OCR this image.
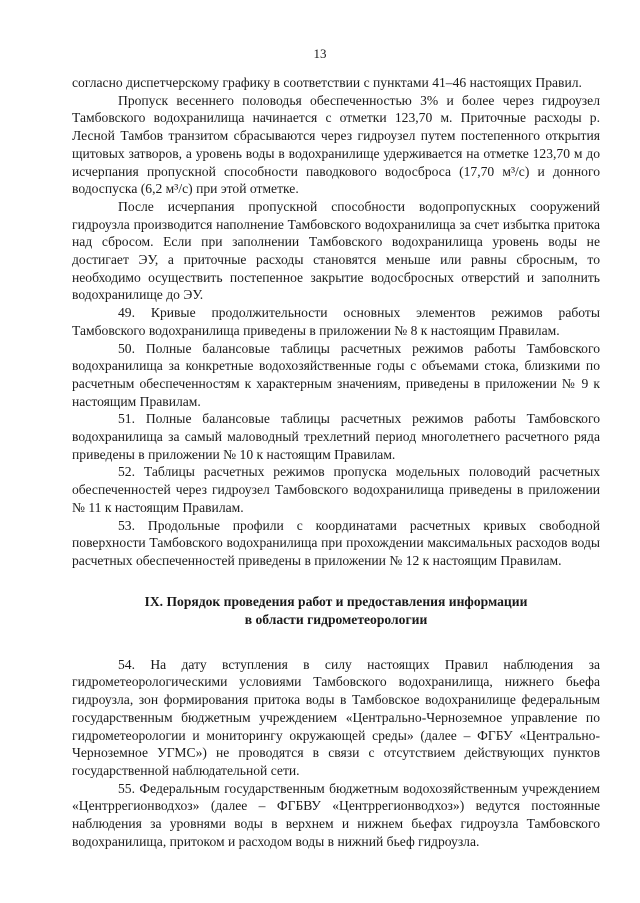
13

согласно диспетчерскому графику в соответствии с пунктами 41–46 настоящих Правил.

Пропуск весеннего половодья обеспеченностью 3% и более через гидроузел Тамбовского водохранилища начинается с отметки 123,70 м. Приточные расходы р. Лесной Тамбов транзитом сбрасываются через гидроузел путем постепенного открытия щитовых затворов, а уровень воды в водохранилище удерживается на отметке 123,70 м до исчерпания пропускной способности паводкового водосброса (17,70 м³/с) и донного водоспуска (6,2 м³/с) при этой отметке.

После исчерпания пропускной способности водопропускных сооружений гидроузла производится наполнение Тамбовского водохранилища за счет избытка притока над сбросом. Если при заполнении Тамбовского водохранилища уровень воды не достигает ЭУ, а приточные расходы становятся меньше или равны сбросным, то необходимо осуществить постепенное закрытие водосбросных отверстий и заполнить водохранилище до ЭУ.

49. Кривые продолжительности основных элементов режимов работы Тамбовского водохранилища приведены в приложении № 8 к настоящим Правилам.

50. Полные балансовые таблицы расчетных режимов работы Тамбовского водохранилища за конкретные водохозяйственные годы с объемами стока, близкими по расчетным обеспеченностям к характерным значениям, приведены в приложении № 9 к настоящим Правилам.

51. Полные балансовые таблицы расчетных режимов работы Тамбовского водохранилища за самый маловодный трехлетний период многолетнего расчетного ряда приведены в приложении № 10 к настоящим Правилам.

52. Таблицы расчетных режимов пропуска модельных половодий расчетных обеспеченностей через гидроузел Тамбовского водохранилища приведены в приложении № 11 к настоящим Правилам.

53. Продольные профили с координатами расчетных кривых свободной поверхности Тамбовского водохранилища при прохождении максимальных расходов воды расчетных обеспеченностей приведены в приложении № 12 к настоящим Правилам.

IX. Порядок проведения работ и предоставления информации
в области гидрометеорологии

54. На дату вступления в силу настоящих Правил наблюдения за гидрометеорологическими условиями Тамбовского водохранилища, нижнего бьефа гидроузла, зон формирования притока воды в Тамбовское водохранилище федеральным государственным бюджетным учреждением «Центрально-Черноземное управление по гидрометеорологии и мониторингу окружающей среды» (далее – ФГБУ «Центрально-Черноземное УГМС») не проводятся в связи с отсутствием действующих пунктов государственной наблюдательной сети.

55. Федеральным государственным бюджетным водохозяйственным учреждением «Центррегионводхоз» (далее – ФГБВУ «Центррегионводхоз») ведутся постоянные наблюдения за уровнями воды в верхнем и нижнем бьефах гидроузла Тамбовского водохранилища, притоком и расходом воды в нижний бьеф гидроузла.
